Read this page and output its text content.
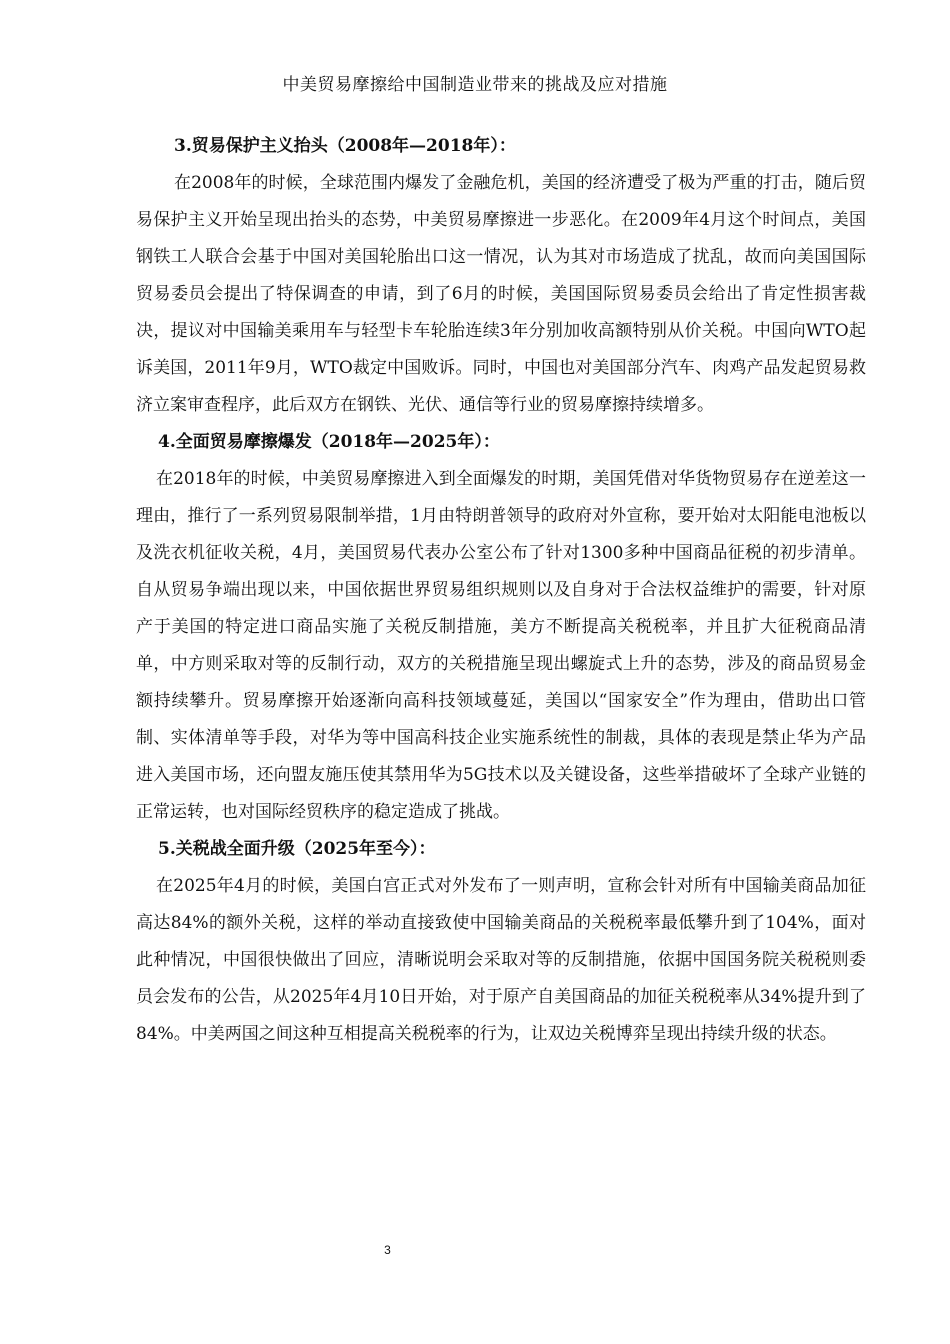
中美贸易摩擦给中国制造业带来的挑战及应对措施

3.贸易保护主义抬头（2008年—2018年）：

在2008年的时候，全球范围内爆发了金融危机，美国的经济遭受了极为严重的打击，随后贸易保护主义开始呈现出抬头的态势，中美贸易摩擦进一步恶化。在2009年4月这个时间点，美国钢铁工人联合会基于中国对美国轮胎出口这一情况，认为其对市场造成了扰乱，故而向美国国际贸易委员会提出了特保调查的申请，到了6月的时候，美国国际贸易委员会给出了肯定性损害裁决，提议对中国输美乘用车与轻型卡车轮胎连续3年分别加收高额特别从价关税。中国向WTO起诉美国，2011年9月，WTO裁定中国败诉。同时，中国也对美国部分汽车、肉鸡产品发起贸易救济立案审查程序，此后双方在钢铁、光伏、通信等行业的贸易摩擦持续增多。

4.全面贸易摩擦爆发（2018年—2025年）：

在2018年的时候，中美贸易摩擦进入到全面爆发的时期，美国凭借对华货物贸易存在逆差这一理由，推行了一系列贸易限制举措，1月由特朗普领导的政府对外宣称，要开始对太阳能电池板以及洗衣机征收关税，4月，美国贸易代表办公室公布了针对1300多种中国商品征税的初步清单。自从贸易争端出现以来，中国依据世界贸易组织规则以及自身对于合法权益维护的需要，针对原产于美国的特定进口商品实施了关税反制措施，美方不断提高关税税率，并且扩大征税商品清单，中方则采取对等的反制行动，双方的关税措施呈现出螺旋式上升的态势，涉及的商品贸易金额持续攀升。贸易摩擦开始逐渐向高科技领域蔓延，美国以“国家安全”作为理由，借助出口管制、实体清单等手段，对华为等中国高科技企业实施系统性的制裁，具体的表现是禁止华为产品进入美国市场，还向盟友施压使其禁用华为5G技术以及关键设备，这些举措破坏了全球产业链的正常运转，也对国际经贸秩序的稳定造成了挑战。

5.关税战全面升级（2025年至今）：

在2025年4月的时候，美国白宫正式对外发布了一则声明，宣称会针对所有中国输美商品加征高达84%的额外关税，这样的举动直接致使中国输美商品的关税税率最低攀升到了104%，面对此种情况，中国很快做出了回应，清晰说明会采取对等的反制措施，依据中国国务院关税税则委员会发布的公告，从2025年4月10日开始，对于原产自美国商品的加征关税税率从34%提升到了84%。中美两国之间这种互相提高关税税率的行为，让双边关税博弈呈现出持续升级的状态。

3
